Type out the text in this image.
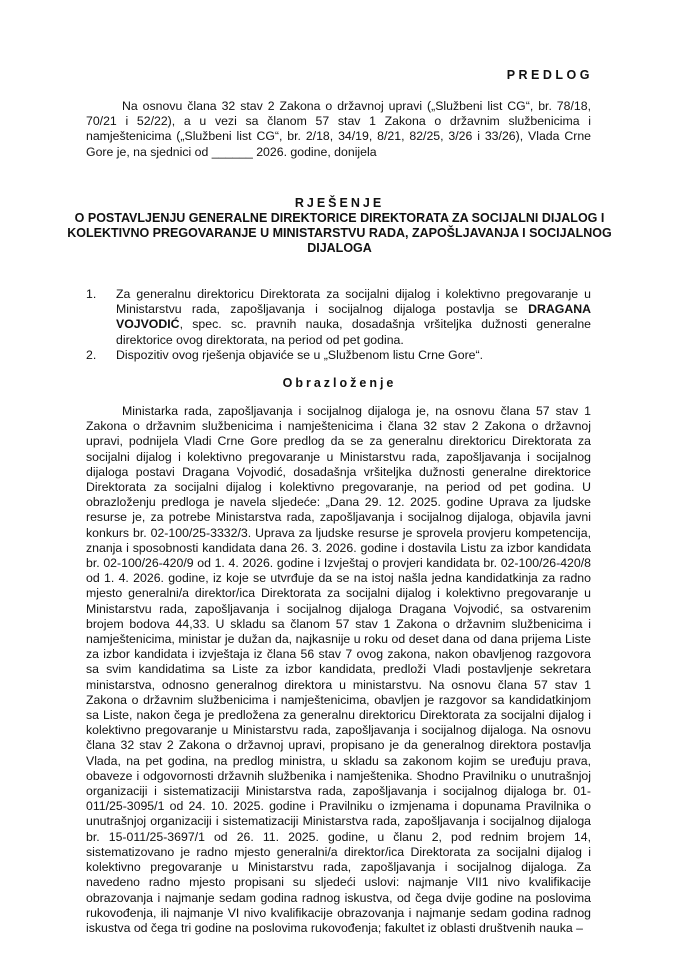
PREDLOG

Na osnovu člana 32 stav 2 Zakona o državnoj upravi („Službeni list CG“, br. 78/18, 70/21 i 52/22), a u vezi sa članom 57 stav 1 Zakona o državnim službenicima i namještenicima („Službeni list CG“, br. 2/18, 34/19, 8/21, 82/25, 3/26 i 33/26), Vlada Crne Gore je, na sjednici od ______ 2026. godine, donijela

RJEŠENJE
O POSTAVLJENJU GENERALNE DIREKTORICE DIREKTORATA ZA SOCIJALNI DIJALOG I KOLEKTIVNO PREGOVARANJE U MINISTARSTVU RADA, ZAPOŠLJAVANJA I SOCIJALNOG DIJALOGA
1. Za generalnu direktoricu Direktorata za socijalni dijalog i kolektivno pregovaranje u Ministarstvu rada, zapošljavanja i socijalnog dijaloga postavlja se DRAGANA VOJVODIĆ, spec. sc. pravnih nauka, dosadašnja vršiteljka dužnosti generalne direktorice ovog direktorata, na period od pet godina.
2. Dispozitiv ovog rješenja objaviće se u „Službenom listu Crne Gore“.
Obrazloženje

Ministarka rada, zapošljavanja i socijalnog dijaloga je, na osnovu člana 57 stav 1 Zakona o državnim službenicima i namještenicima i člana 32 stav 2 Zakona o državnoj upravi, podnijela Vladi Crne Gore predlog da se za generalnu direktoricu Direktorata za socijalni dijalog i kolektivno pregovaranje u Ministarstvu rada, zapošljavanja i socijalnog dijaloga postavi Dragana Vojvodić, dosadašnja vršiteljka dužnosti generalne direktorice Direktorata za socijalni dijalog i kolektivno pregovaranje, na period od pet godina. U obrazloženju predloga je navela sljedeće: „Dana 29. 12. 2025. godine Uprava za ljudske resurse je, za potrebe Ministarstva rada, zapošljavanja i socijalnog dijaloga, objavila javni konkurs br. 02-100/25-3332/3. Uprava za ljudske resurse je sprovela provjeru kompetencija, znanja i sposobnosti kandidata dana 26. 3. 2026. godine i dostavila Listu za izbor kandidata br. 02-100/26-420/9 od 1. 4. 2026. godine i Izvještaj o provjeri kandidata br. 02-100/26-420/8 od 1. 4. 2026. godine, iz koje se utvrđuje da se na istoj našla jedna kandidatkinja za radno mjesto generalni/a direktor/ica Direktorata za socijalni dijalog i kolektivno pregovaranje u Ministarstvu rada, zapošljavanja i socijalnog dijaloga Dragana Vojvodić, sa ostvarenim brojem bodova 44,33. U skladu sa članom 57 stav 1 Zakona o državnim službenicima i namještenicima, ministar je dužan da, najkasnije u roku od deset dana od dana prijema Liste za izbor kandidata i izvještaja iz člana 56 stav 7 ovog zakona, nakon obavljenog razgovora sa svim kandidatima sa Liste za izbor kandidata, predloži Vladi postavljenje sekretara ministarstva, odnosno generalnog direktora u ministarstvu. Na osnovu člana 57 stav 1 Zakona o državnim službenicima i namještenicima, obavljen je razgovor sa kandidatkinjom sa Liste, nakon čega je predložena za generalnu direktoricu Direktorata za socijalni dijalog i kolektivno pregovaranje u Ministarstvu rada, zapošljavanja i socijalnog dijaloga. Na osnovu člana 32 stav 2 Zakona o državnoj upravi, propisano je da generalnog direktora postavlja Vlada, na pet godina, na predlog ministra, u skladu sa zakonom kojim se uređuju prava, obaveze i odgovornosti državnih službenika i namještenika. Shodno Pravilniku o unutrašnjoj organizaciji i sistematizaciji Ministarstva rada, zapošljavanja i socijalnog dijaloga br. 01-011/25-3095/1 od 24. 10. 2025. godine i Pravilniku o izmjenama i dopunama Pravilnika o unutrašnjoj organizaciji i sistematizaciji Ministarstva rada, zapošljavanja i socijalnog dijaloga br. 15-011/25-3697/1 od 26. 11. 2025. godine, u članu 2, pod rednim brojem 14, sistematizovano je radno mjesto generalni/a direktor/ica Direktorata za socijalni dijalog i kolektivno pregovaranje u Ministarstvu rada, zapošljavanja i socijalnog dijaloga. Za navedeno radno mjesto propisani su sljedeći uslovi: najmanje VII1 nivo kvalifikacije obrazovanja i najmanje sedam godina radnog iskustva, od čega dvije godine na poslovima rukovođenja, ili najmanje VI nivo kvalifikacije obrazovanja i najmanje sedam godina radnog iskustva od čega tri godine na poslovima rukovođenja; fakultet iz oblasti društvenih nauka –
